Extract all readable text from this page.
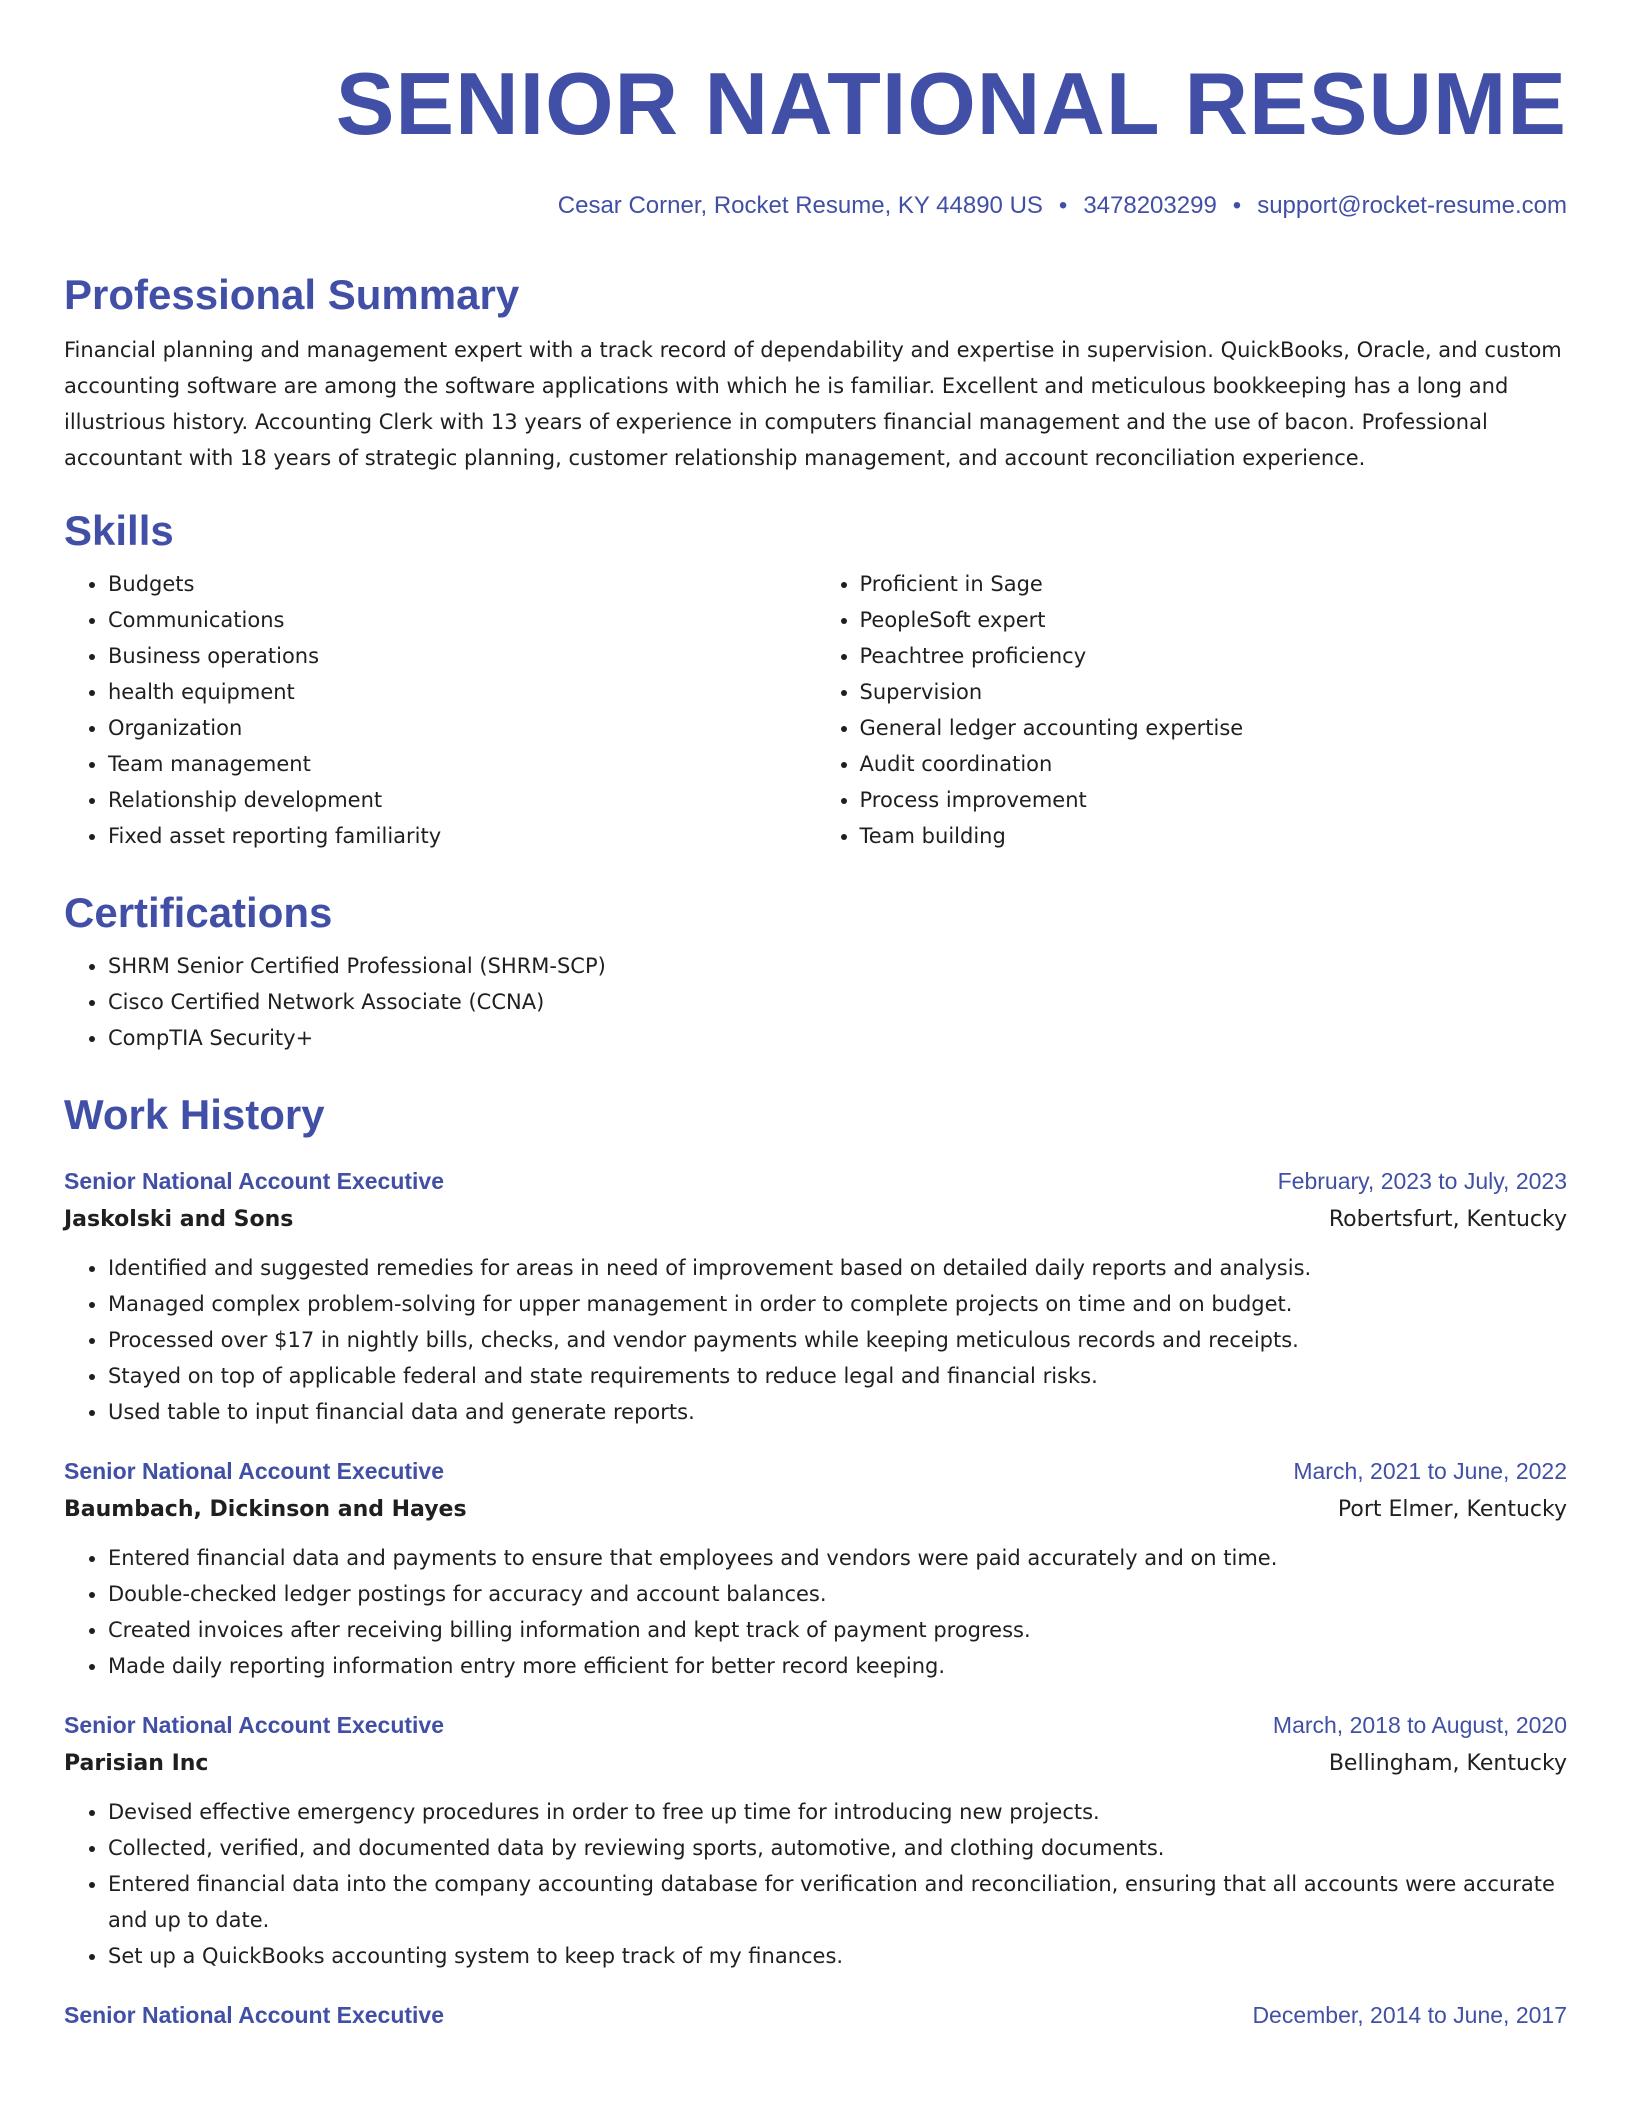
SENIOR NATIONAL RESUME
Cesar Corner, Rocket Resume, KY 44890 US • 3478203299 • support@rocket-resume.com
Professional Summary
Financial planning and management expert with a track record of dependability and expertise in supervision. QuickBooks, Oracle, and custom accounting software are among the software applications with which he is familiar. Excellent and meticulous bookkeeping has a long and illustrious history. Accounting Clerk with 13 years of experience in computers financial management and the use of bacon. Professional accountant with 18 years of strategic planning, customer relationship management, and account reconciliation experience.
Skills
• Budgets
• Communications
• Business operations
• health equipment
• Organization
• Team management
• Relationship development
• Fixed asset reporting familiarity
• Proficient in Sage
• PeopleSoft expert
• Peachtree proficiency
• Supervision
• General ledger accounting expertise
• Audit coordination
• Process improvement
• Team building
Certifications
• SHRM Senior Certified Professional (SHRM-SCP)
• Cisco Certified Network Associate (CCNA)
• CompTIA Security+
Work History
Senior National Account Executive	February, 2023 to July, 2023
Jaskolski and Sons	Robertsfurt, Kentucky
• Identified and suggested remedies for areas in need of improvement based on detailed daily reports and analysis.
• Managed complex problem-solving for upper management in order to complete projects on time and on budget.
• Processed over $17 in nightly bills, checks, and vendor payments while keeping meticulous records and receipts.
• Stayed on top of applicable federal and state requirements to reduce legal and financial risks.
• Used table to input financial data and generate reports.
Senior National Account Executive	March, 2021 to June, 2022
Baumbach, Dickinson and Hayes	Port Elmer, Kentucky
• Entered financial data and payments to ensure that employees and vendors were paid accurately and on time.
• Double-checked ledger postings for accuracy and account balances.
• Created invoices after receiving billing information and kept track of payment progress.
• Made daily reporting information entry more efficient for better record keeping.
Senior National Account Executive	March, 2018 to August, 2020
Parisian Inc	Bellingham, Kentucky
• Devised effective emergency procedures in order to free up time for introducing new projects.
• Collected, verified, and documented data by reviewing sports, automotive, and clothing documents.
• Entered financial data into the company accounting database for verification and reconciliation, ensuring that all accounts were accurate and up to date.
• Set up a QuickBooks accounting system to keep track of my finances.
Senior National Account Executive	December, 2014 to June, 2017
